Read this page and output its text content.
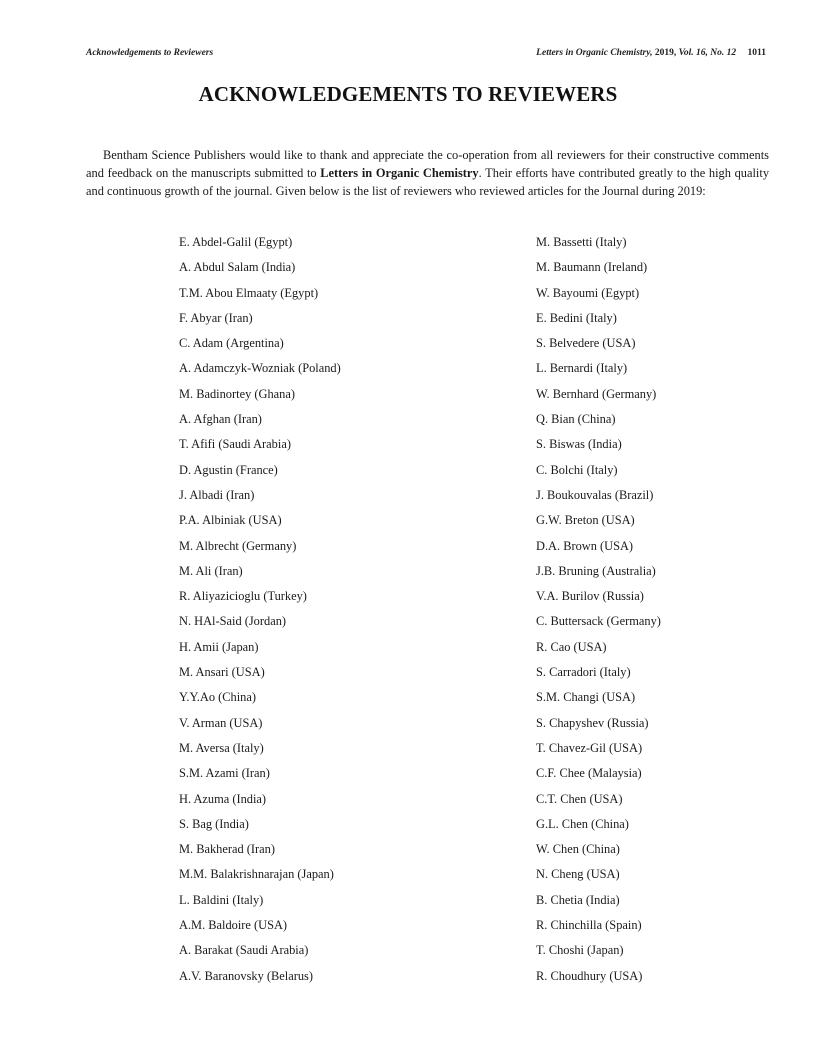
Acknowledgements to Reviewers	Letters in Organic Chemistry, 2019, Vol. 16, No. 12 1011
ACKNOWLEDGEMENTS TO REVIEWERS

Bentham Science Publishers would like to thank and appreciate the co-operation from all reviewers for their constructive comments and feedback on the manuscripts submitted to Letters in Organic Chemistry. Their efforts have contributed greatly to the high quality and continuous growth of the journal. Given below is the list of reviewers who reviewed articles for the Journal during 2019:

E. Abdel-Galil (Egypt)
A. Abdul Salam (India)
T.M. Abou Elmaaty (Egypt)
F. Abyar (Iran)
C. Adam (Argentina)
A. Adamczyk-Wozniak (Poland)
M. Badinortey (Ghana)
A. Afghan (Iran)
T. Afifi (Saudi Arabia)
D. Agustin (France)
J. Albadi (Iran)
P.A. Albiniak (USA)
M. Albrecht (Germany)
M. Ali (Iran)
R. Aliyazicioglu (Turkey)
N. HAl-Said (Jordan)
H. Amii (Japan)
M. Ansari (USA)
Y.Y.Ao (China)
V. Arman (USA)
M. Aversa (Italy)
S.M. Azami (Iran)
H. Azuma (India)
S. Bag (India)
M. Bakherad (Iran)
M.M. Balakrishnarajan (Japan)
L. Baldini (Italy)
A.M. Baldoire (USA)
A. Barakat (Saudi Arabia)
A.V. Baranovsky (Belarus)
M. Bassetti (Italy)
M. Baumann (Ireland)
W. Bayoumi (Egypt)
E. Bedini (Italy)
S. Belvedere (USA)
L. Bernardi (Italy)
W. Bernhard (Germany)
Q. Bian (China)
S. Biswas (India)
C. Bolchi (Italy)
J. Boukouvalas (Brazil)
G.W. Breton (USA)
D.A. Brown (USA)
J.B. Bruning (Australia)
V.A. Burilov (Russia)
C. Buttersack (Germany)
R. Cao (USA)
S. Carradori (Italy)
S.M. Changi (USA)
S. Chapyshev (Russia)
T. Chavez-Gil (USA)
C.F. Chee (Malaysia)
C.T. Chen (USA)
G.L. Chen (China)
W. Chen (China)
N. Cheng (USA)
B. Chetia (India)
R. Chinchilla (Spain)
T. Choshi (Japan)
R. Choudhury (USA)
